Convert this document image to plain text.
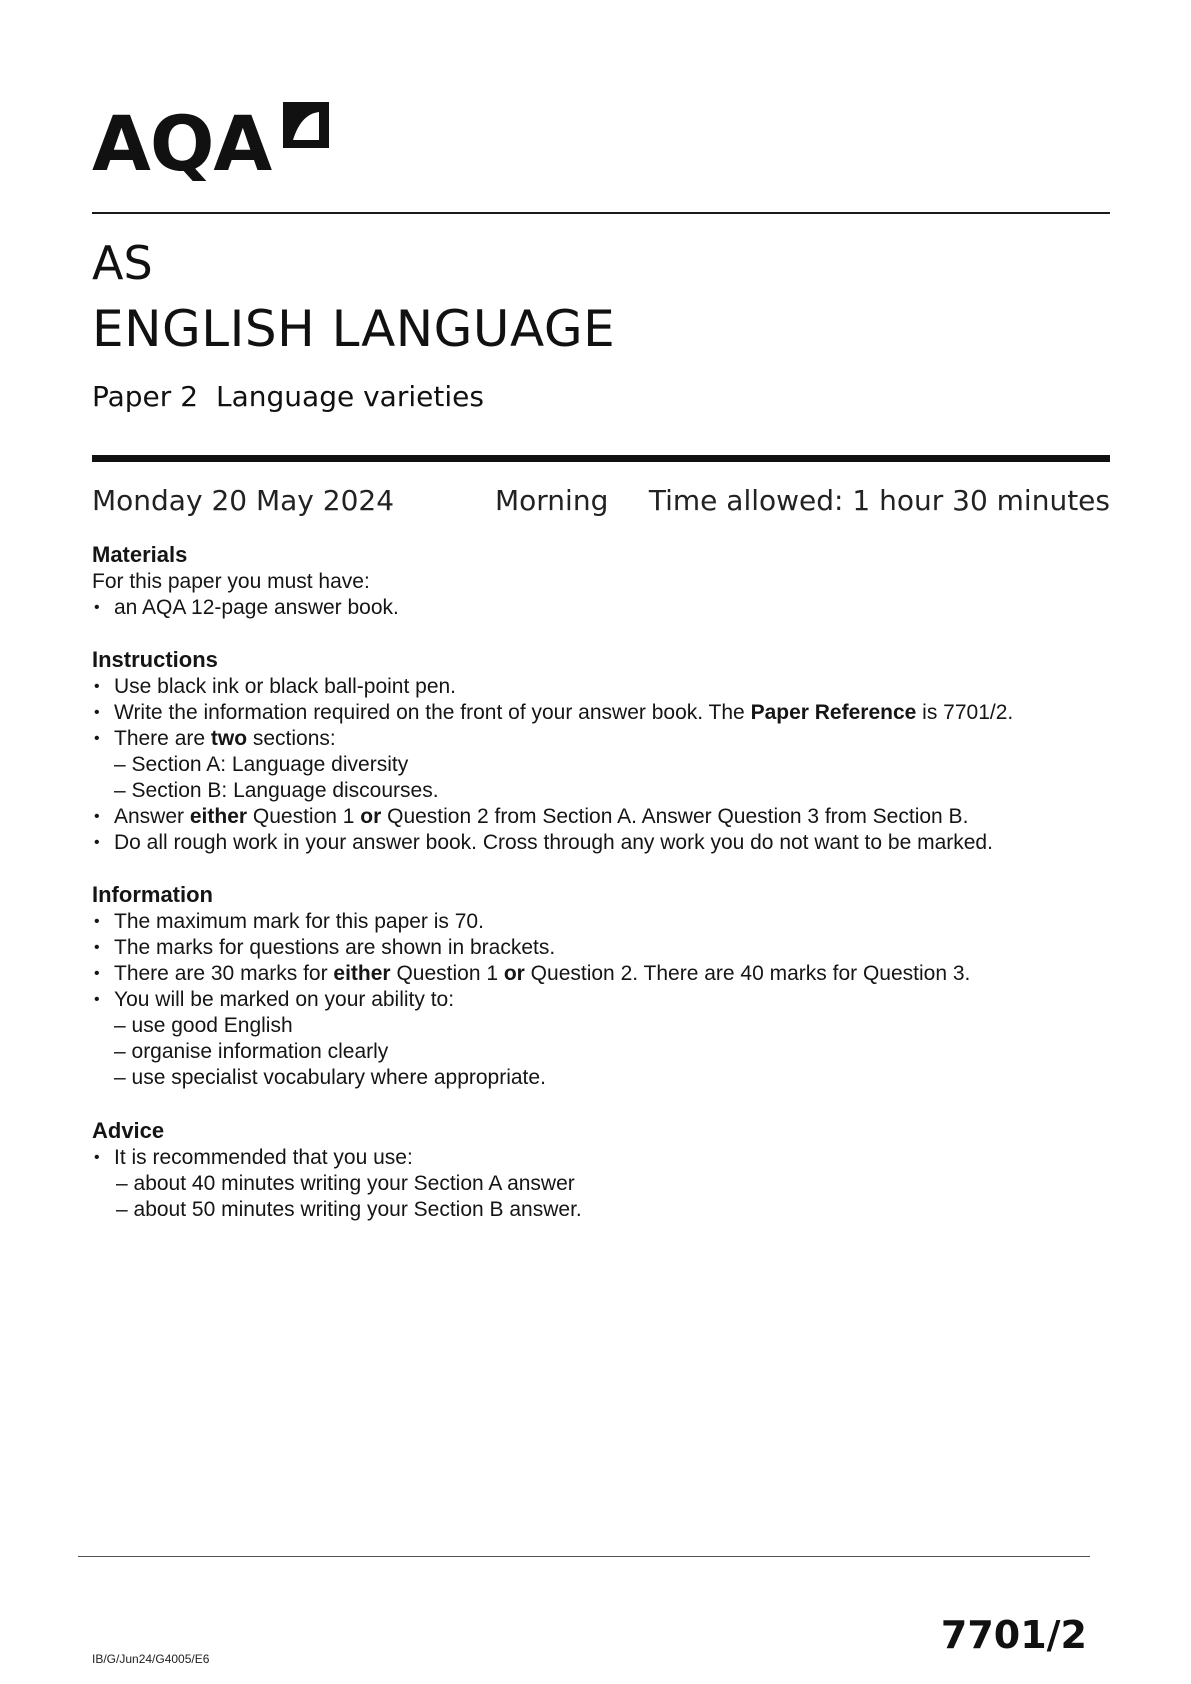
AQA
AS
ENGLISH LANGUAGE
Paper 2 Language varieties
Monday 20 May 2024	Morning Time allowed: 1 hour 30 minutes
Materials

For this paper you must have:

• an AQA 12-page answer book.
Instructions
• Use black ink or black ball-point pen.
• Write the information required on the front of your answer book. The Paper Reference is 7701/2.
• There are two sections:
– Section A: Language diversity
– Section B: Language discourses.
• Answer either Question 1 or Question 2 from Section A. Answer Question 3 from Section B.
• Do all rough work in your answer book. Cross through any work you do not want to be marked.
Information
• The maximum mark for this paper is 70.
• The marks for questions are shown in brackets.
• There are 30 marks for either Question 1 or Question 2. There are 40 marks for Question 3.
• You will be marked on your ability to:
– use good English
– organise information clearly
– use specialist vocabulary where appropriate.
Advice
• It is recommended that you use:
– about 40 minutes writing your Section A answer
– about 50 minutes writing your Section B answer.
IB/G/Jun24/G4005/E6
7701/2
